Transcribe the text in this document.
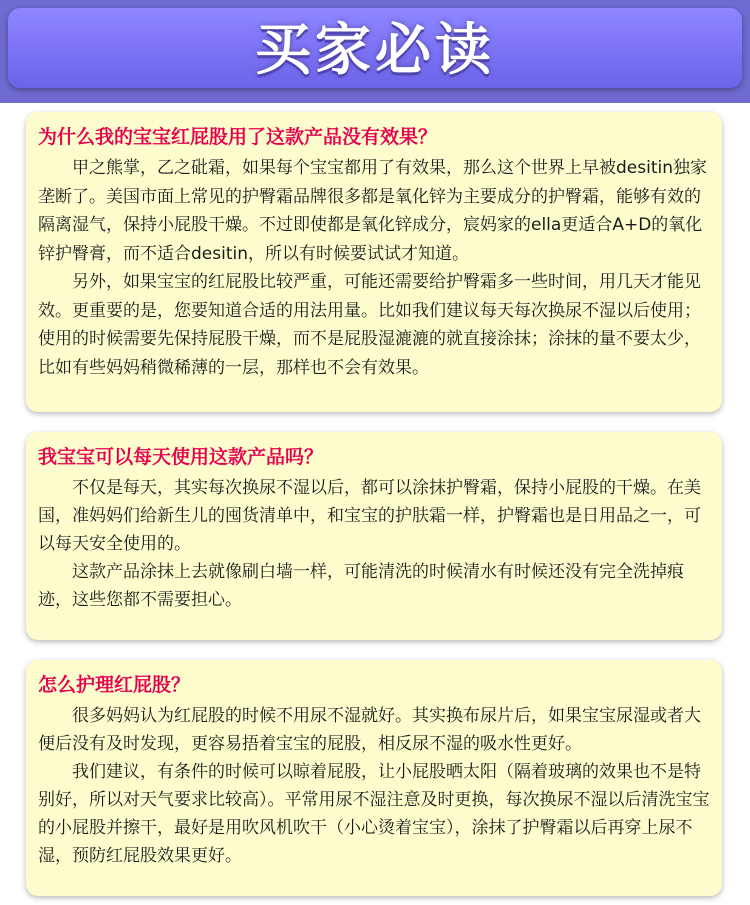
买家必读
为什么我的宝宝红屁股用了这款产品没有效果？

甲之熊掌，乙之砒霜，如果每个宝宝都用了有效果，那么这个世界上早被desitin独家垄断了。美国市面上常见的护臀霜品牌很多都是氧化锌为主要成分的护臀霜，能够有效的隔离湿气，保持小屁股干燥。不过即使都是氧化锌成分，宸妈家的ella更适合A+D的氧化锌护臀膏，而不适合desitin，所以有时候要试试才知道。

另外，如果宝宝的红屁股比较严重，可能还需要给护臀霜多一些时间，用几天才能见效。更重要的是，您要知道合适的用法用量。比如我们建议每天每次换尿不湿以后使用；使用的时候需要先保持屁股干燥，而不是屁股湿漉漉的就直接涂抹；涂抹的量不要太少，比如有些妈妈稍微稀薄的一层，那样也不会有效果。

我宝宝可以每天使用这款产品吗？

不仅是每天，其实每次换尿不湿以后，都可以涂抹护臀霜，保持小屁股的干燥。在美国，准妈妈们给新生儿的囤货清单中，和宝宝的护肤霜一样，护臀霜也是日用品之一，可以每天安全使用的。

这款产品涂抹上去就像刷白墙一样，可能清洗的时候清水有时候还没有完全洗掉痕迹，这些您都不需要担心。

怎么护理红屁股？

很多妈妈认为红屁股的时候不用尿不湿就好。其实换布尿片后，如果宝宝尿湿或者大便后没有及时发现，更容易捂着宝宝的屁股，相反尿不湿的吸水性更好。

我们建议，有条件的时候可以晾着屁股，让小屁股晒太阳（隔着玻璃的效果也不是特别好，所以对天气要求比较高）。平常用尿不湿注意及时更换，每次换尿不湿以后清洗宝宝的小屁股并擦干，最好是用吹风机吹干（小心烫着宝宝），涂抹了护臀霜以后再穿上尿不湿，预防红屁股效果更好。
